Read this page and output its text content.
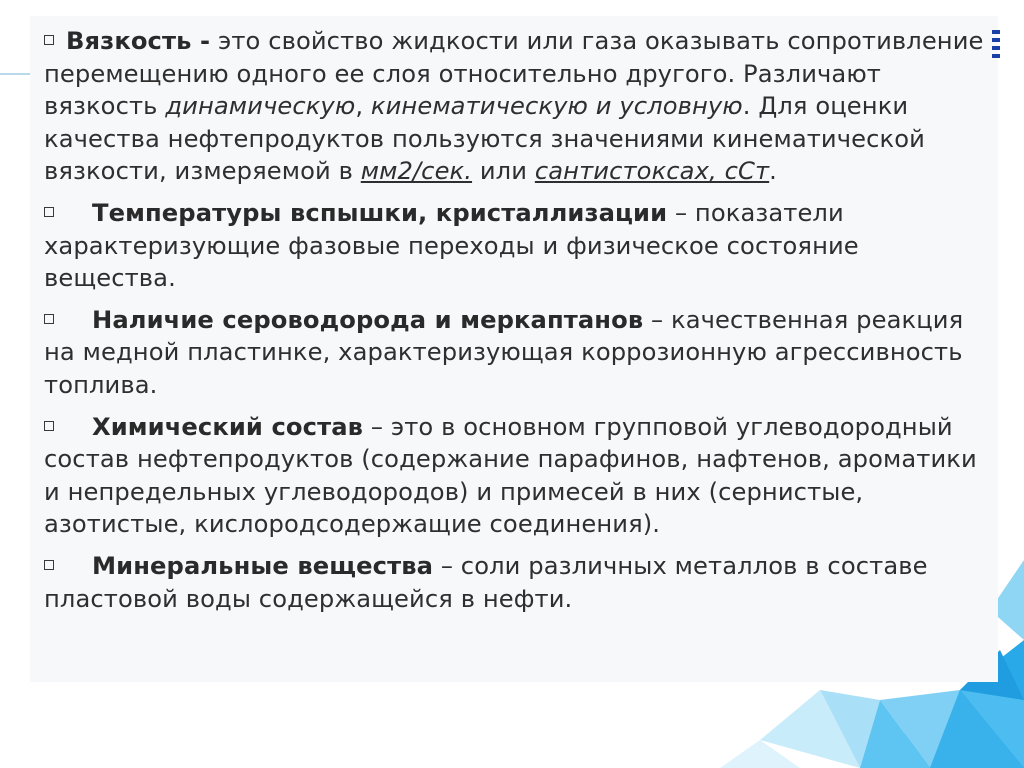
Вязкость - это свойство жидкости или газа оказывать сопротивление перемещению одного ее слоя относительно другого. Различают вязкость динамическую, кинематическую и условную. Для оценки качества нефтепродуктов пользуются значениями кинематической вязкости, измеряемой в мм2/сек. или сантистоксах, сСт.
Температуры вспышки, кристаллизации – показатели характеризующие фазовые переходы и физическое состояние вещества.
Наличие сероводорода и меркаптанов – качественная реакция на медной пластинке, характеризующая коррозионную агрессивность топлива.
Химический состав – это в основном групповой углеводородный состав нефтепродуктов (содержание парафинов, нафтенов, ароматики и непредельных углеводородов) и примесей в них (сернистые, азотистые, кислородсодержащие соединения).
Минеральные вещества – соли различных металлов в составе пластовой воды содержащейся в нефти.
